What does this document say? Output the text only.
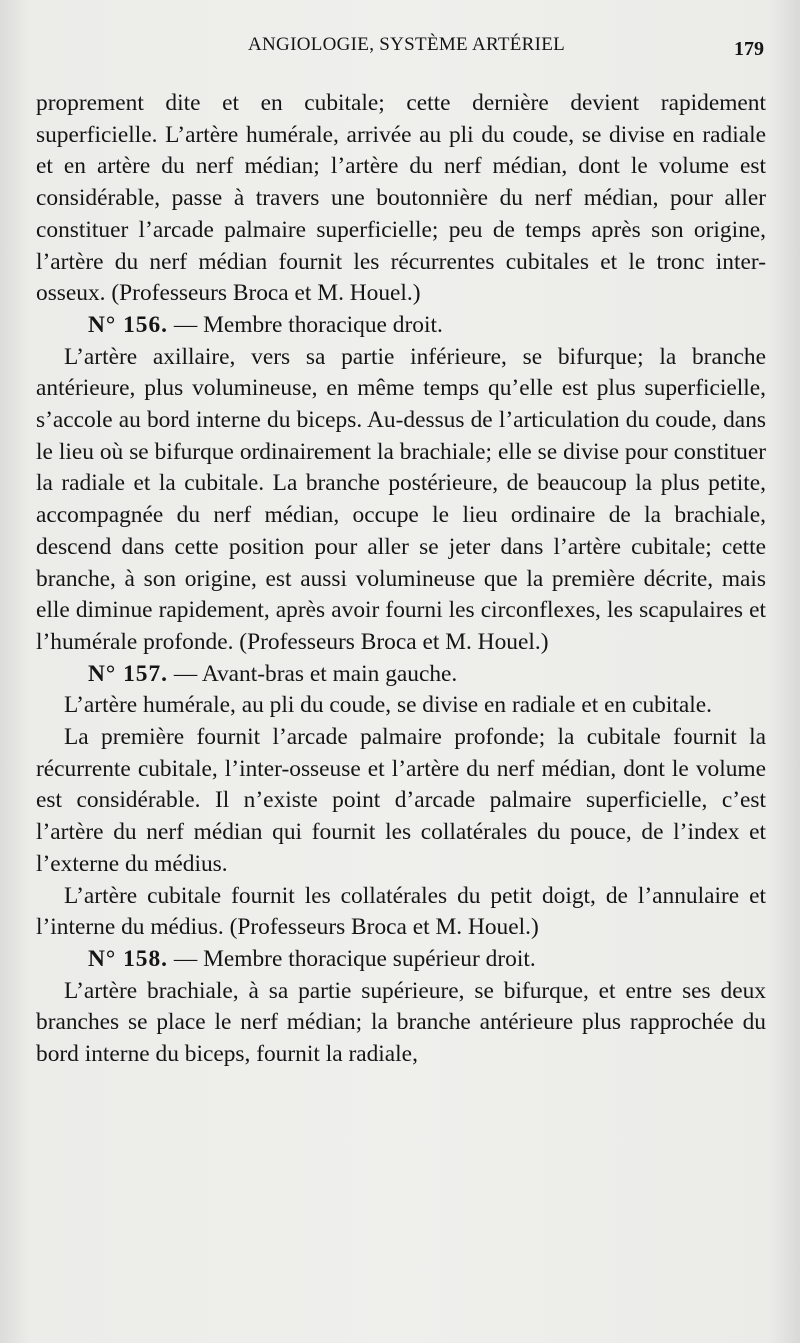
ANGIOLOGIE, SYSTÈME ARTÉRIEL	179

proprement dite et en cubitale; cette dernière devient rapidement superficielle. L’artère humérale, arrivée au pli du coude, se divise en radiale et en artère du nerf médian; l’artère du nerf médian, dont le volume est considérable, passe à travers une boutonnière du nerf médian, pour aller constituer l’arcade palmaire superficielle; peu de temps après son origine, l’artère du nerf médian fournit les récurrentes cubitales et le tronc inter-osseux. (Professeurs Broca et M. Houel.)

N° 156. — Membre thoracique droit.

L’artère axillaire, vers sa partie inférieure, se bifurque; la branche antérieure, plus volumineuse, en même temps qu’elle est plus superficielle, s’accole au bord interne du biceps. Au-dessus de l’articulation du coude, dans le lieu où se bifurque ordinairement la brachiale; elle se divise pour constituer la radiale et la cubitale. La branche postérieure, de beaucoup la plus petite, accompagnée du nerf médian, occupe le lieu ordinaire de la brachiale, descend dans cette position pour aller se jeter dans l’artère cubitale; cette branche, à son origine, est aussi volumineuse que la première décrite, mais elle diminue rapidement, après avoir fourni les circonflexes, les scapulaires et l’humérale profonde. (Professeurs Broca et M. Houel.)

N° 157. — Avant-bras et main gauche.

L’artère humérale, au pli du coude, se divise en radiale et en cubitale.

La première fournit l’arcade palmaire profonde; la cubitale fournit la récurrente cubitale, l’inter-osseuse et l’artère du nerf médian, dont le volume est considérable. Il n’existe point d’arcade palmaire superficielle, c’est l’artère du nerf médian qui fournit les collatérales du pouce, de l’index et l’externe du médius.

L’artère cubitale fournit les collatérales du petit doigt, de l’annulaire et l’interne du médius. (Professeurs Broca et M. Houel.)

N° 158. — Membre thoracique supérieur droit.

L’artère brachiale, à sa partie supérieure, se bifurque, et entre ses deux branches se place le nerf médian; la branche antérieure plus rapprochée du bord interne du biceps, fournit la radiale,
